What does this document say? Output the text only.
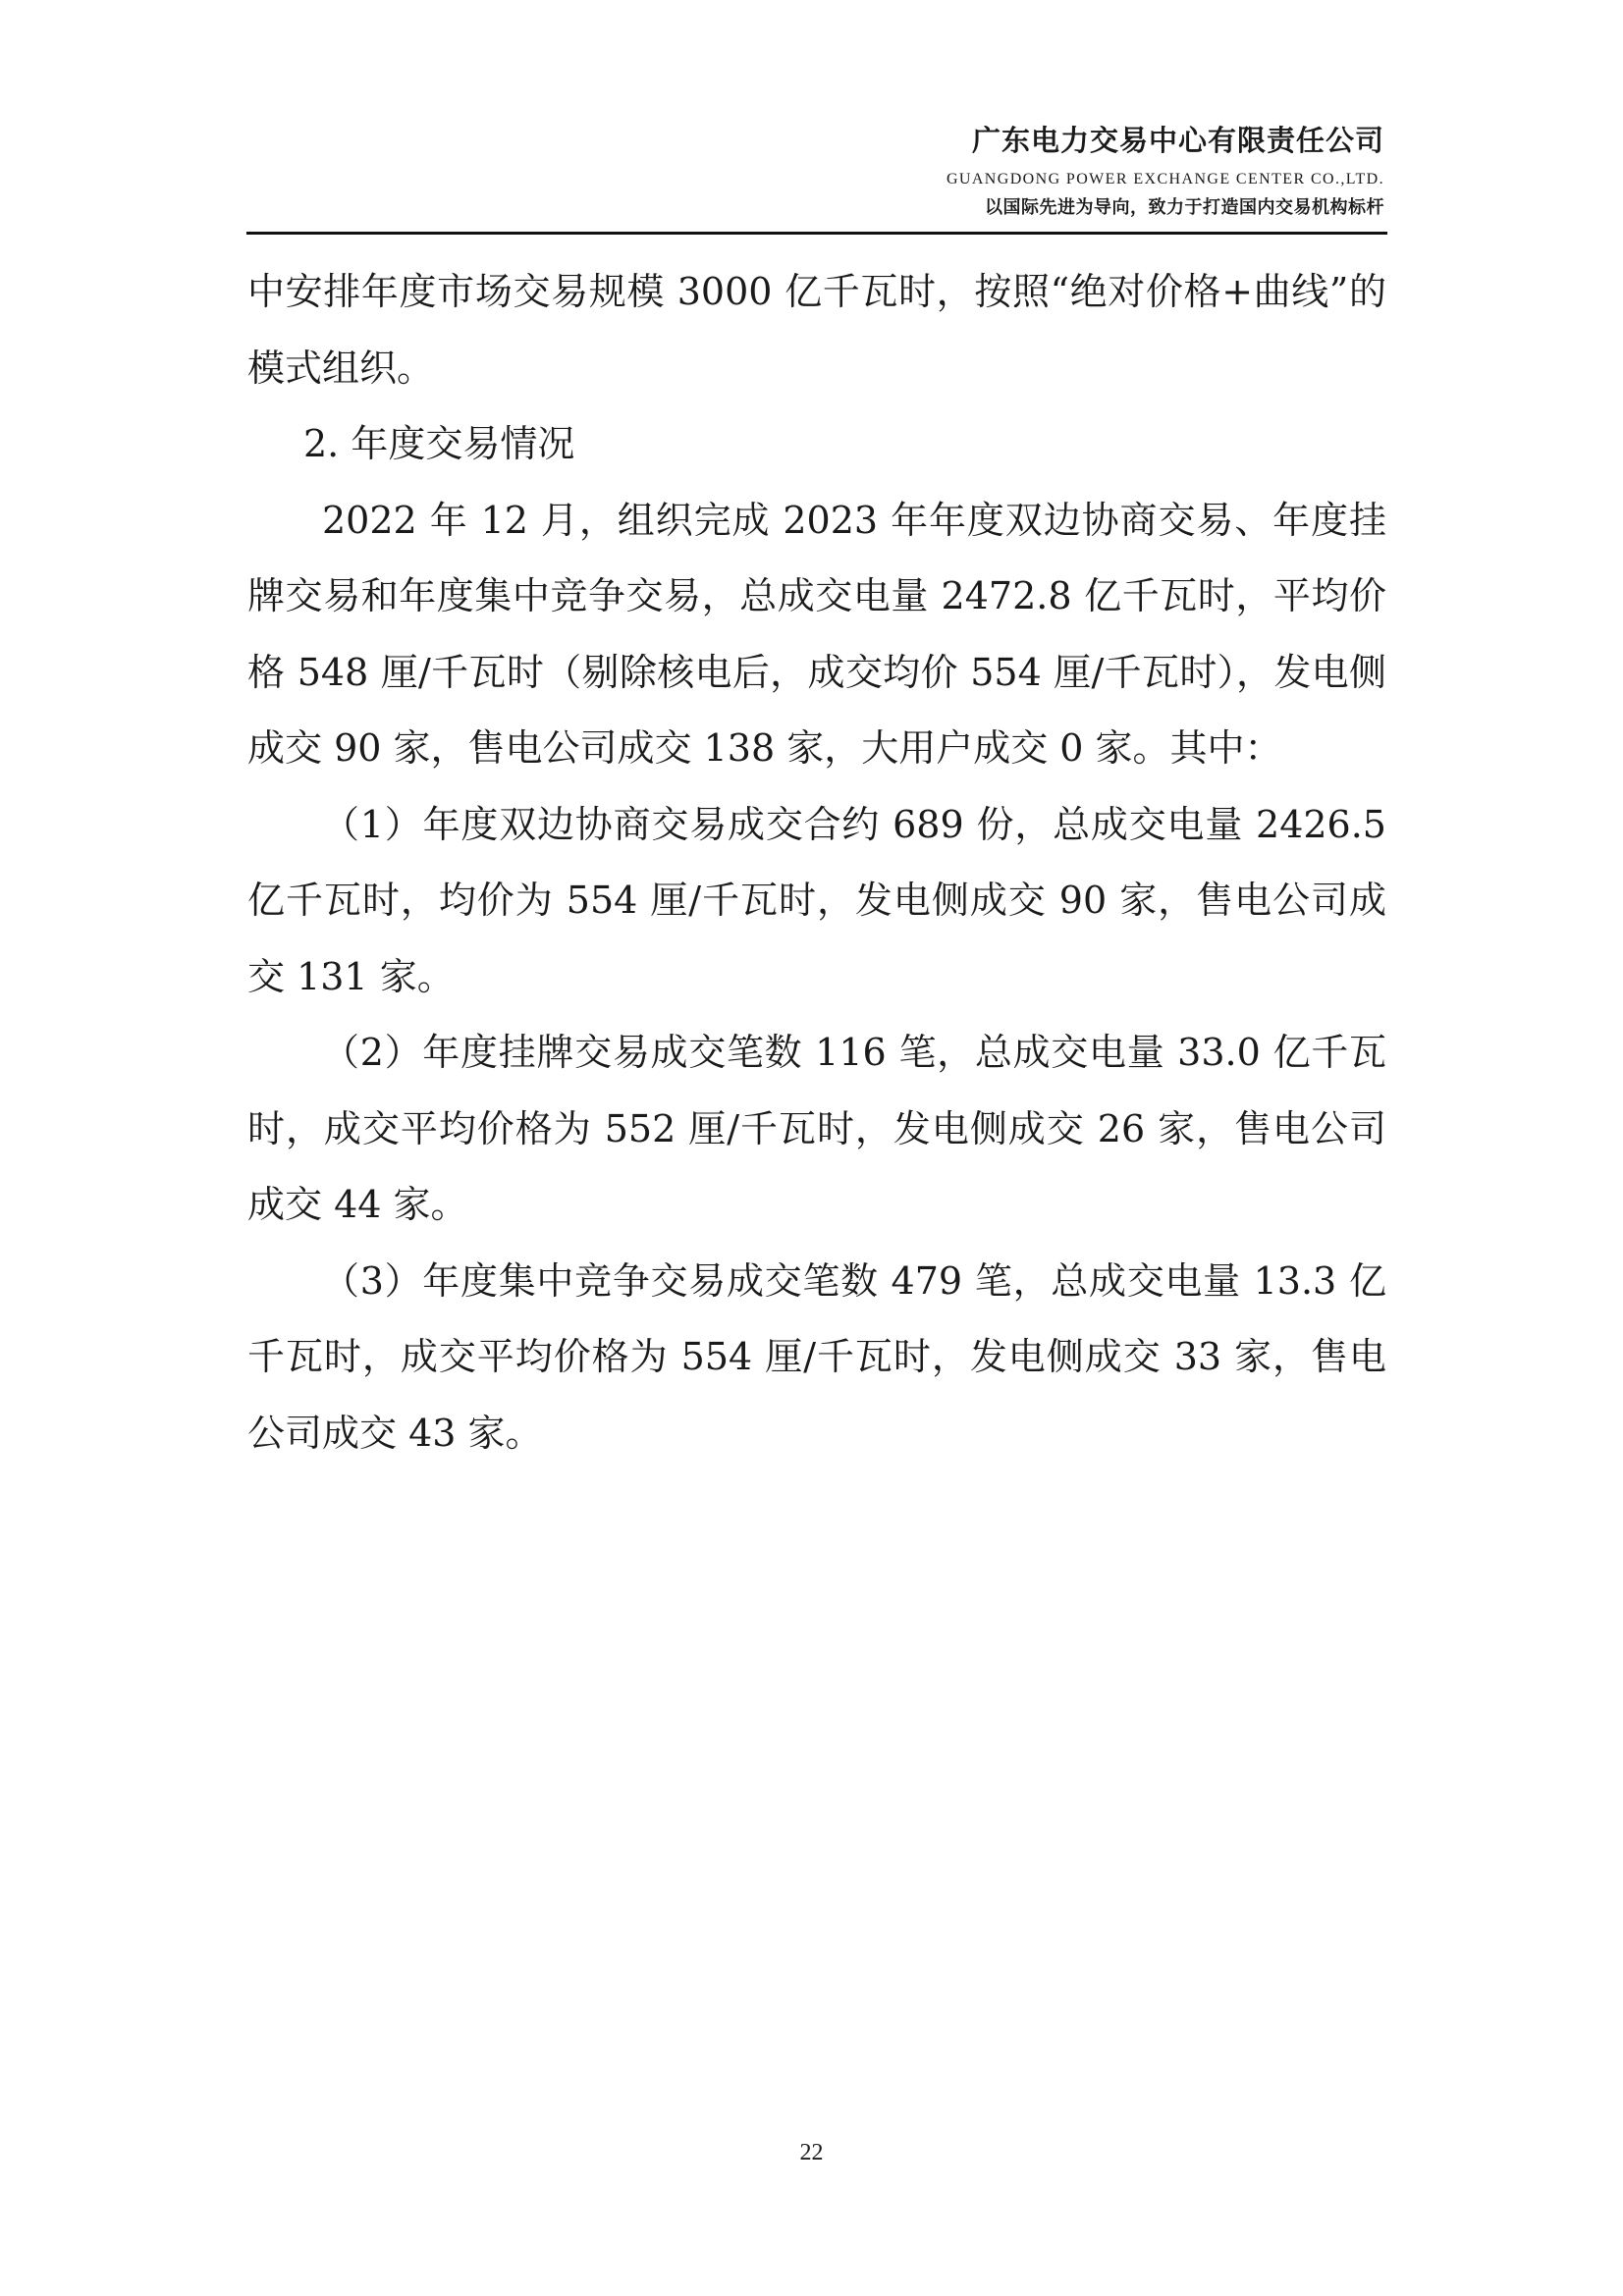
广东电力交易中心有限责任公司
GUANGDONG POWER EXCHANGE CENTER CO.,LTD.
以国际先进为导向，致力于打造国内交易机构标杆

中安排年度市场交易规模 3000 亿千瓦时，按照“绝对价格+曲线”的模式组织。

2. 年度交易情况

2022 年 12 月，组织完成 2023 年年度双边协商交易、年度挂牌交易和年度集中竞争交易，总成交电量 2472.8 亿千瓦时，平均价格 548 厘/千瓦时（剔除核电后，成交均价 554 厘/千瓦时），发电侧成交 90 家，售电公司成交 138 家，大用户成交 0 家。其中：

（1）年度双边协商交易成交合约 689 份，总成交电量 2426.5 亿千瓦时，均价为 554 厘/千瓦时，发电侧成交 90 家，售电公司成交 131 家。

（2）年度挂牌交易成交笔数 116 笔，总成交电量 33.0 亿千瓦时，成交平均价格为 552 厘/千瓦时，发电侧成交 26 家，售电公司成交 44 家。

（3）年度集中竞争交易成交笔数 479 笔，总成交电量 13.3 亿千瓦时，成交平均价格为 554 厘/千瓦时，发电侧成交 33 家，售电公司成交 43 家。

22
